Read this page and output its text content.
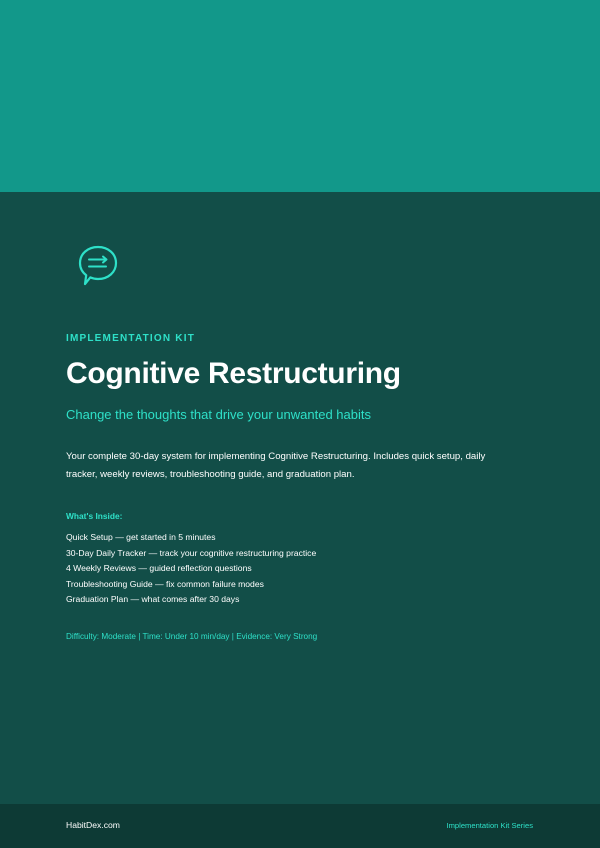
IMPLEMENTATION KIT
Cognitive Restructuring
Change the thoughts that drive your unwanted habits
Your complete 30-day system for implementing Cognitive Restructuring. Includes quick setup, daily tracker, weekly reviews, troubleshooting guide, and graduation plan.
What's Inside:
Quick Setup — get started in 5 minutes
30-Day Daily Tracker — track your cognitive restructuring practice
4 Weekly Reviews — guided reflection questions
Troubleshooting Guide — fix common failure modes
Graduation Plan — what comes after 30 days
Difficulty: Moderate | Time: Under 10 min/day | Evidence: Very Strong
HabitDex.com	Implementation Kit Series
